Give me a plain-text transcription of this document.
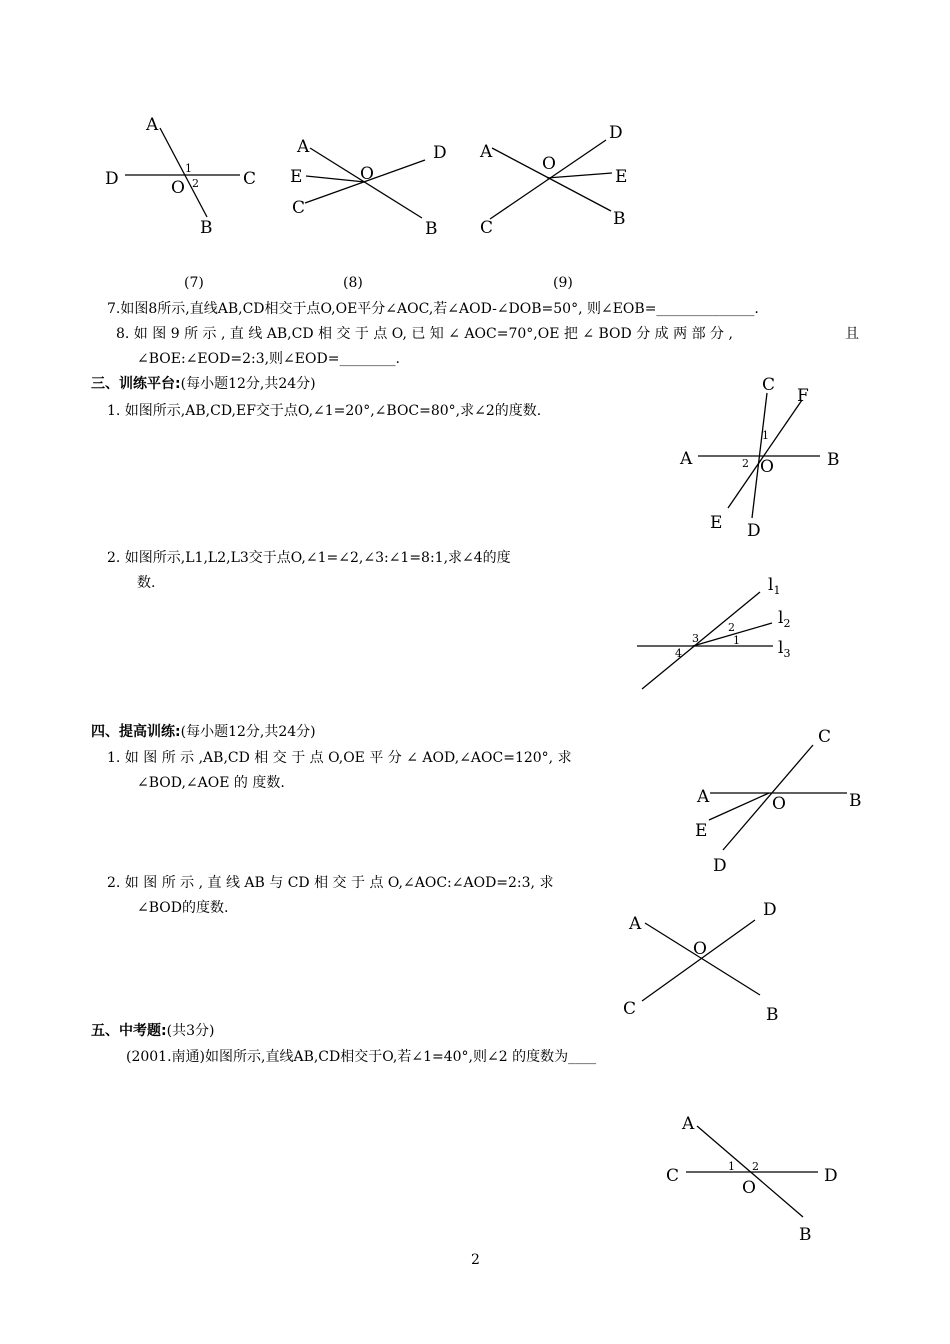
A
D	C
O
B
1
2
A
E
C
O
D
B
A
O
D
E
B
C
(7)	(8)	(9)
7.如图8所示,直线AB,CD相交于点O,OE平分∠AOC,若∠AOD-∠DOB=50°, 则∠EOB=______________.
8. 如 图 9 所 示 , 直 线 AB,CD 相 交 于 点 O, 已 知 ∠ AOC=70°,OE 把 ∠ BOD 分 成 两 部 分 ,	且
∠BOE:∠EOD=2:3,则∠EOD=________.
三、训练平台:(每小题12分,共24分)
1. 如图所示,AB,CD,EF交于点O,∠1=20°,∠BOC=80°,求∠2的度数.
C
F
A	B
O
E D
1
2
2. 如图所示,L1,L2,L3交于点O,∠1=∠2,∠3:∠1=8:1,求∠4的度
数.	$l_1$
$l_2$
$l_3$
2
1
3
4
四、提高训练:(每小题12分,共24分)
1. 如 图 所 示 ,AB,CD 相 交 于 点 O,OE 平 分 ∠ AOD,∠AOC=120°, 求
∠BOD,∠AOE 的 度数.
C
A	B
O
E
D
2. 如 图 所 示 , 直 线 AB 与 CD 相 交 于 点 O,∠AOC:∠AOD=2:3, 求
∠BOD的度数.
A
D
O
C	B
五、中考题:(共3分)
(2001.南通)如图所示,直线AB,CD相交于O,若∠1=40°,则∠2 的度数为____
A
C	D
O
B
1 2
2
